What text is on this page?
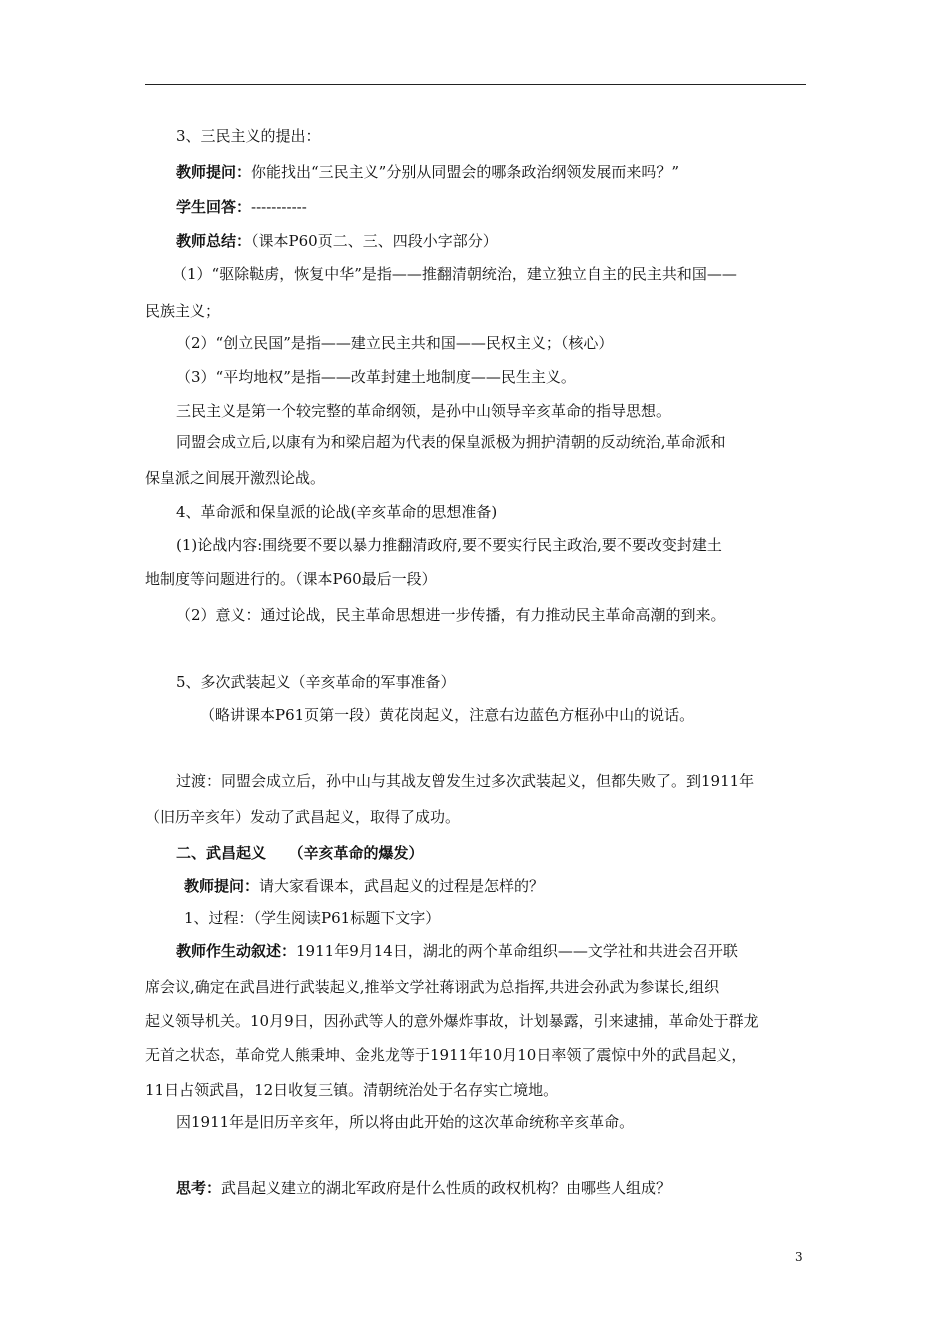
3、三民主义的提出：
教师提问：你能找出“三民主义”分别从同盟会的哪条政治纲领发展而来吗？”
学生回答：-----------
教师总结：（课本P60页二、三、四段小字部分）
（1）“驱除鞑虏，恢复中华”是指——推翻清朝统治，建立独立自主的民主共和国——
民族主义；
（2）“创立民国”是指——建立民主共和国——民权主义；（核心）
（3）“平均地权”是指——改革封建土地制度——民生主义。
三民主义是第一个较完整的革命纲领，是孙中山领导辛亥革命的指导思想。
同盟会成立后,以康有为和梁启超为代表的保皇派极为拥护清朝的反动统治,革命派和
保皇派之间展开激烈论战。
4、革命派和保皇派的论战(辛亥革命的思想准备)
(1)论战内容:围绕要不要以暴力推翻清政府,要不要实行民主政治,要不要改变封建土
地制度等问题进行的。（课本P60最后一段）
（2）意义：通过论战，民主革命思想进一步传播，有力推动民主革命高潮的到来。
5、多次武装起义（辛亥革命的军事准备）
（略讲课本P61页第一段）黄花岗起义，注意右边蓝色方框孙中山的说话。
过渡：同盟会成立后，孙中山与其战友曾发生过多次武装起义，但都失败了。到1911年
（旧历辛亥年）发动了武昌起义，取得了成功。
二、武昌起义　　（辛亥革命的爆发）
教师提问：请大家看课本，武昌起义的过程是怎样的？
1、过程：（学生阅读P61标题下文字）
教师作生动叙述：1911年9月14日，湖北的两个革命组织——文学社和共进会召开联
席会议,确定在武昌进行武装起义,推举文学社蒋诩武为总指挥,共进会孙武为参谋长,组织
起义领导机关。10月9日，因孙武等人的意外爆炸事故，计划暴露，引来逮捕，革命处于群龙
无首之状态，革命党人熊秉坤、金兆龙等于1911年10月10日率领了震惊中外的武昌起义，
11日占领武昌，12日收复三镇。清朝统治处于名存实亡境地。
因1911年是旧历辛亥年，所以将由此开始的这次革命统称辛亥革命。
思考：武昌起义建立的湖北军政府是什么性质的政权机构？由哪些人组成？
3
